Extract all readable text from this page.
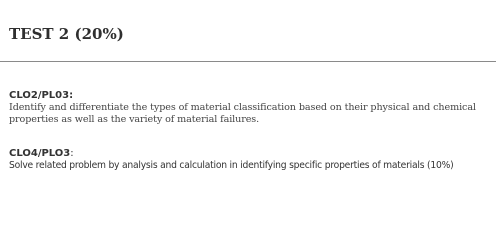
TEST 2 (20%)
CLO2/PL03:
Identify and differentiate the types of material classification based on their physical and chemical
properties as well as the variety of material failures.
CLO4/PLO3:
Solve related problem by analysis and calculation in identifying specific properties of materials (10%)
